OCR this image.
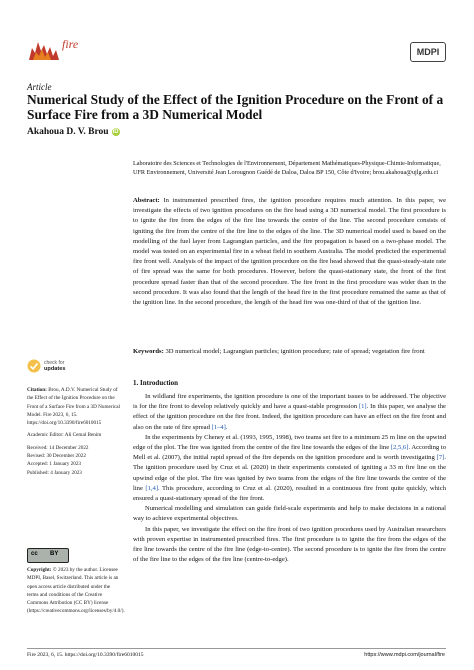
fire
MDPI
Article
Numerical Study of the Effect of the Ignition Procedure on the Front of a Surface Fire from a 3D Numerical Model
Akahoua D. V. Brou iD
Laboratoire des Sciences et Technologies de l'Environnement, Département Mathématiques-Physique-Chimie-Informatique, UFR Environnement, Université Jean Lorougnon Guédé de Daloa, Daloa BP 150, Côte d'Ivoire; brou.akahoua@ujlg.edu.ci
Abstract: In instrumented prescribed fires, the ignition procedure requires much attention. In this paper, we investigate the effects of two ignition procedures on the fire head using a 3D numerical model. The first procedure is to ignite the fire from the edges of the fire line towards the centre of the line. The second procedure consists of igniting the fire from the centre of the fire line to the edges of the line. The 3D numerical model used is based on the modelling of the fuel layer from Lagrangian particles, and the fire propagation is based on a two-phase model. The model was tested on an experimental fire in a wheat field in southern Australia. The model predicted the experimental fire front well. Analysis of the impact of the ignition procedure on the fire head showed that the quasi-steady-state rate of fire spread was the same for both procedures. However, before the quasi-stationary state, the front of the first procedure spread faster than that of the second procedure. The fire front in the first procedure was wider than in the second procedure. It was also found that the length of the head fire in the first procedure remained the same as that of the ignition line. In the second procedure, the length of the head fire was one-third of that of the ignition line.
Keywords: 3D numerical model; Lagrangian particles; ignition procedure; rate of spread; vegetation fire front
1. Introduction

In wildland fire experiments, the ignition procedure is one of the important issues to be addressed. The objective is for the fire front to develop relatively quickly and have a quasi-stable progression [1]. In this paper, we analyse the effect of the ignition procedure on the fire front. Indeed, the ignition procedure can have an effect on the fire front and also on the rate of fire spread [1–4].

In the experiments by Cheney et al. (1993, 1995, 1998), two teams set fire to a minimum 25 m line on the upwind edge of the plot. The fire was ignited from the centre of the fire line towards the edges of the line [2,5,6]. According to Mell et al. (2007), the initial rapid spread of the fire depends on the ignition procedure and is worth investigating [7]. The ignition procedure used by Cruz et al. (2020) in their experiments consisted of igniting a 33 m fire line on the upwind edge of the plot. The fire was ignited by two teams from the edges of the fire line towards the centre of the line [1,4]. This procedure, according to Cruz et al. (2020), resulted in a continuous fire front quite quickly, which ensured a quasi-stationary spread of the fire front.

Numerical modelling and simulation can guide field-scale experiments and help to make decisions in a rational way to achieve experimental objectives.

In this paper, we investigate the effect on the fire front of two ignition procedures used by Australian researchers with proven expertise in instrumented prescribed fires. The first procedure is to ignite the fire from the edges of the fire line towards the centre of the fire line (edge-to-centre). The second procedure is to ignite the fire from the centre of the fire line to the edges of the fire line (centre-to-edge).

check for
updates

Citation: Brou, A.D.V. Numerical Study of the Effect of the Ignition Procedure on the Front of a Surface Fire from a 3D Numerical Model. Fire 2023, 6, 15. https://doi.org/10.3390/fire6010015

Academic Editor: Ali Cemal Benim

Received: 14 December 2022

Revised: 30 December 2022

Accepted: 1 January 2023

Published: 4 January 2023

cc BY

Copyright: © 2023 by the author. Licensee MDPI, Basel, Switzerland. This article is an open access article distributed under the terms and conditions of the Creative Commons Attribution (CC BY) license (https://creativecommons.org/licenses/by/4.0/).

Fire 2023, 6, 15. https://doi.org/10.3390/fire6010015	https://www.mdpi.com/journal/fire
